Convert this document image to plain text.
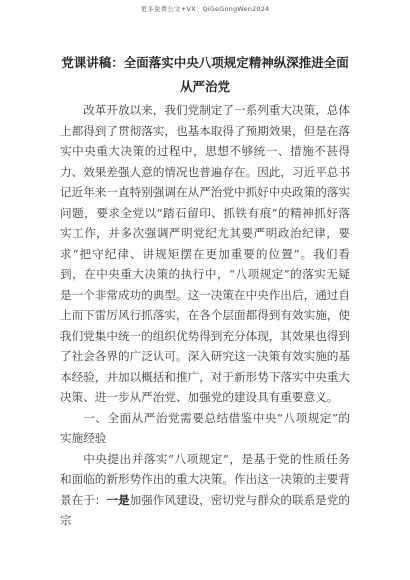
更多免费公文+VX：QiGeGongWen2024
党课讲稿：全面落实中央八项规定精神纵深推进全面从严治党

改革开放以来，我们党制定了一系列重大决策，总体上都得到了贯彻落实，也基本取得了预期效果，但是在落实中央重大决策的过程中，思想不够统一、措施不甚得力、效果差强人意的情况也普遍存在。因此，习近平总书记近年来一直特别强调在从严治党中抓好中央政策的落实问题，要求全党以“踏石留印、抓铁有痕”的精神抓好落实工作，并多次强调严明党纪尤其要严明政治纪律，要求“把守纪律、讲规矩摆在更加重要的位置”。我们看到，在中央重大决策的执行中，“八项规定”的落实无疑是一个非常成功的典型。这一决策在中央作出后，通过自上而下雷厉风行抓落实，在各个层面都得到有效实施，使我们党集中统一的组织优势得到充分体现，其效果也得到了社会各界的广泛认可。深入研究这一决策有效实施的基本经验，并加以概括和推广，对于新形势下落实中央重大决策、进一步从严治党、加强党的建设具有重要意义。

一、全面从严治党需要总结借鉴中央“八项规定”的实施经验

中央提出并落实“八项规定”，是基于党的性质任务和面临的新形势作出的重大决策。作出这一决策的主要背景在于：一是加强作风建设，密切党与群众的联系是党的宗
